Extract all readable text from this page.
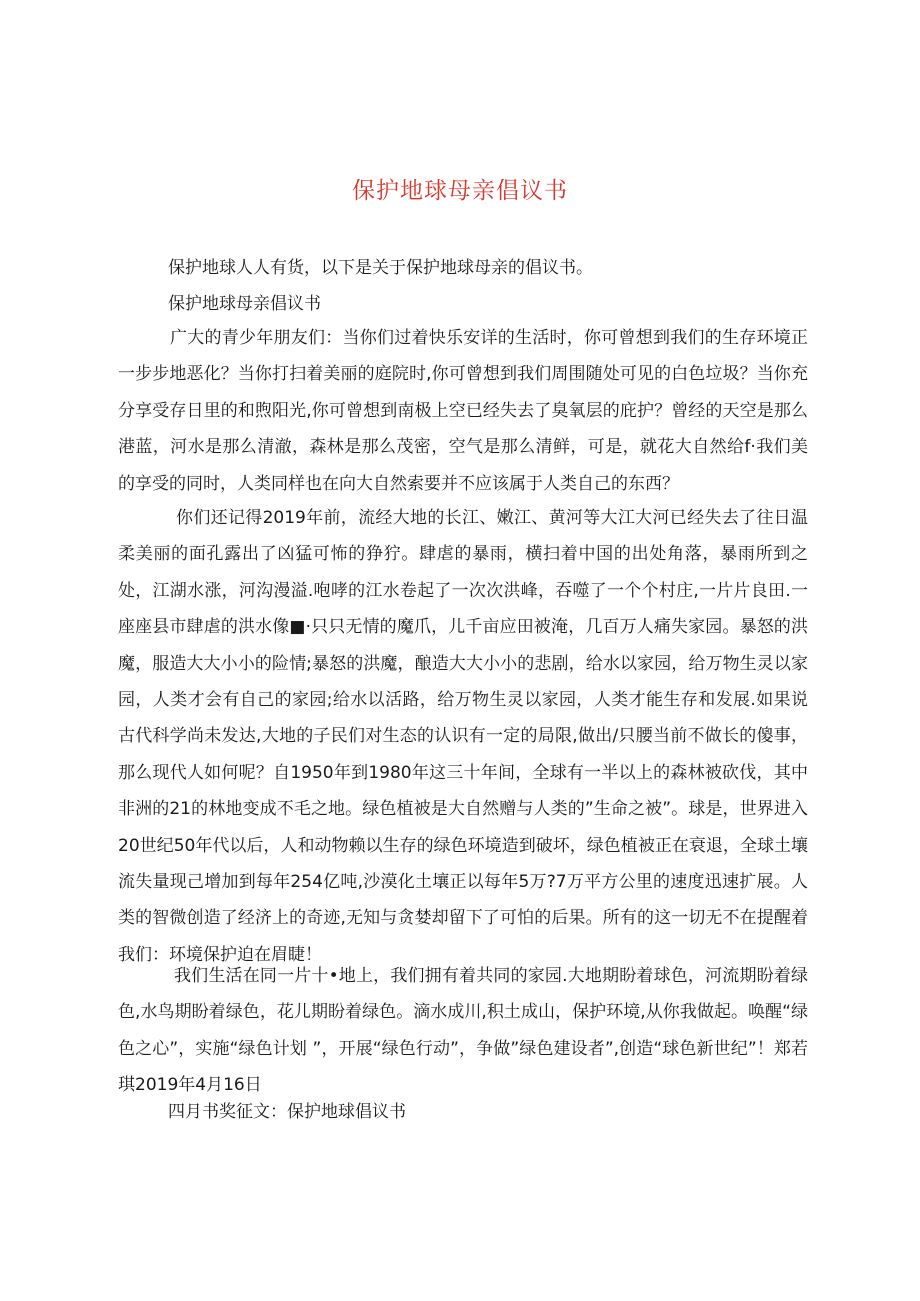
保护地球母亲倡议书
保护地球人人有货，以下是关于保护地球母亲的倡议书。
保护地球母亲倡议书

广大的青少年朋友们：当你们过着快乐安详的生活时，你可曾想到我们的生存环境正一步步地恶化？当你打扫着美丽的庭院时,你可曾想到我们周围随处可见的白色垃圾？当你充分享受存日里的和煦阳光,你可曾想到南极上空已经失去了臭氧层的庇护？曾经的天空是那么港蓝，河水是那么清澈，森林是那么茂密，空气是那么清鲜，可是，就花大自然给f·我们美的享受的同时，人类同样也在向大自然索要并不应该属于人类自己的东西？

你们还记得2019年前，流经大地的长江、嫩江、黄河等大江大河已经失去了往日温柔美丽的面孔露出了凶猛可怖的狰狞。肆虐的暴雨，横扫着中国的出处角落，暴雨所到之处，江湖水涨，河沟漫溢.咆哮的江水卷起了一次次洪峰，吞噬了一个个村庄,一片片良田.一座座县市肆虐的洪水像■·只只无情的魔爪，儿千亩应田被淹，几百万人痛失家园。暴怒的洪魔，服造大大小小的险情;暴怒的洪魔，酿造大大小小的悲剧，给水以家园，给万物生灵以家园，人类才会有自己的家园;给水以活路，给万物生灵以家园，人类才能生存和发展.如果说古代科学尚未发达,大地的子民们对生态的认识有一定的局限,做出/只腰当前不做长的傻事，那么现代人如何呢？自1950年到1980年这三十年间，全球有一半以上的森林被砍伐，其中非洲的21的林地变成不毛之地。绿色植被是大自然赠与人类的”生命之被”。球是，世界进入20世纪50年代以后，人和动物赖以生存的绿色环境造到破坏，绿色植被正在衰退，全球土壤流失量现己增加到每年254亿吨,沙漠化土壤正以每年5万?7万平方公里的速度迅速扩展。人类的智微创造了经济上的奇迹,无知与贪婪却留下了可怕的后果。所有的这一切无不在提醒着我们：环境保护迫在眉睫！

我们生活在同一片十•地上，我们拥有着共同的家园.大地期盼着球色，河流期盼着绿色,水鸟期盼着绿色，花儿期盼着绿色。滴水成川,积土成山，保护环境,从你我做起。唤醒“绿色之心”，实施“绿色计划 ”，开展“绿色行动”，争做”绿色建设者”,创造“球色新世纪”！郑若琪2019年4月16日

四月书奖征文：保护地球倡议书
